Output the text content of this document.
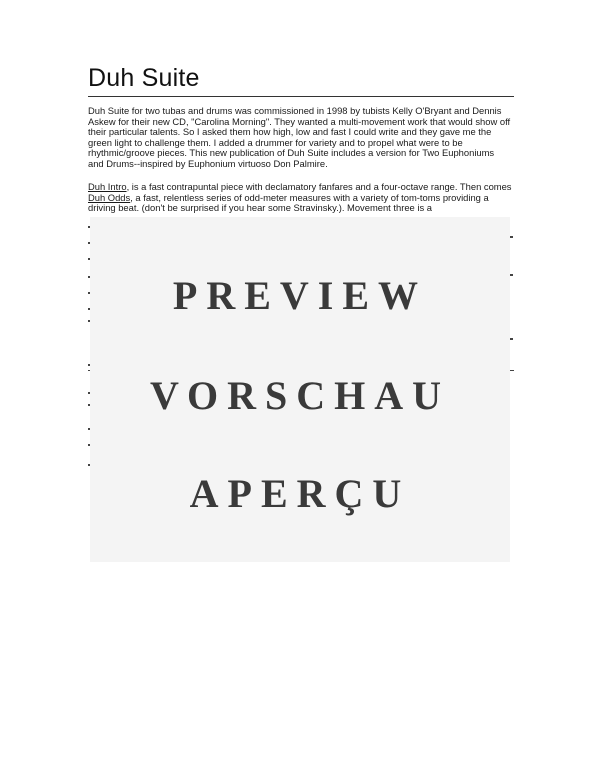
Duh Suite

Duh Suite for two tubas and drums was commissioned in 1998 by tubists Kelly O'Bryant and Dennis Askew for their new CD, "Carolina Morning". They wanted a multi-movement work that would show off their particular talents. So I asked them how high, low and fast I could write and they gave me the green light to challenge them. I added a drummer for variety and to propel what were to be rhythmic/groove pieces. This new publication of Duh Suite includes a version for Two Euphoniums and Drums--inspired by Euphonium virtuoso Don Palmire.

Duh Intro, is a fast contrapuntal piece with declamatory fanfares and a four-octave range. Then comes Duh Odds, a fast, relentless series of odd-meter measures with a variety of tom-toms providing a driving beat. (don't be surprised if you hear some Stravinsky.). Movement three is a

PREVIEW
VORSCHAU
APERÇU
